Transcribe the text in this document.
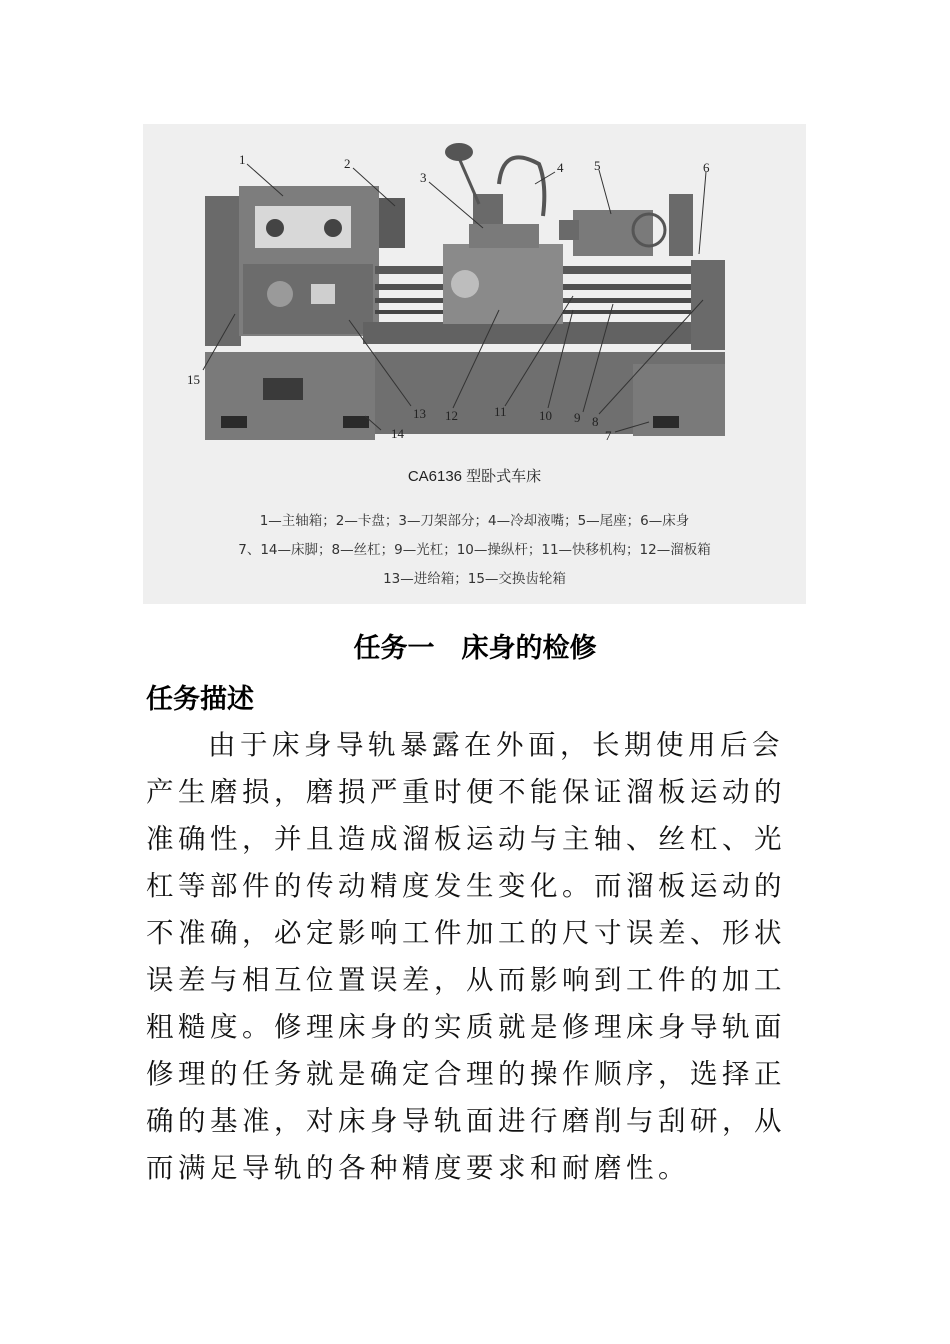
1	2
3
4 5	6
15
13 12	11 10 9 8
14	7
CA6136 型卧式车床
1—主轴箱；2—卡盘；3—刀架部分；4—冷却液嘴；5—尾座；6—床身
7、14—床脚；8—丝杠；9—光杠；10—操纵杆；11—快移机构；12—溜板箱
13—进给箱；15—交换齿轮箱
任务一　床身的检修
任务描述

由于床身导轨暴露在外面，长期使用后会产生磨损，磨损严重时便不能保证溜板运动的准确性，并且造成溜板运动与主轴、丝杠、光杠等部件的传动精度发生变化。而溜板运动的不准确，必定影响工件加工的尺寸误差、形状误差与相互位置误差，从而影响到工件的加工粗糙度。修理床身的实质就是修理床身导轨面修理的任务就是确定合理的操作顺序，选择正确的基准，对床身导轨面进行磨削与刮研，从而满足导轨的各种精度要求和耐磨性。
